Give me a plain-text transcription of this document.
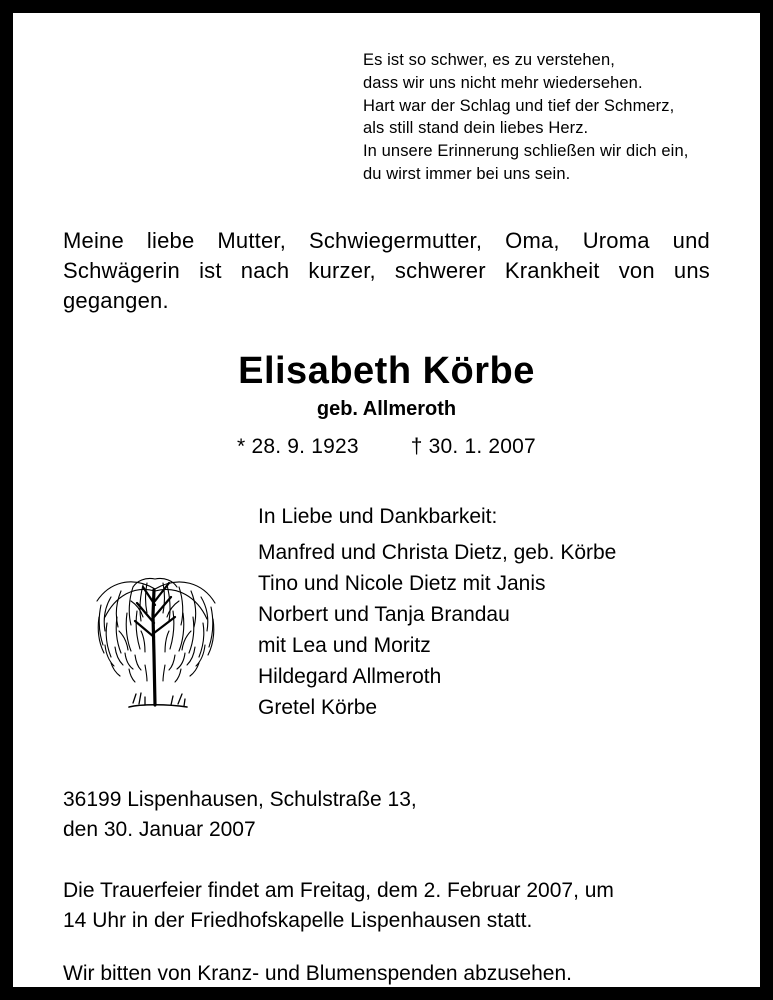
Es ist so schwer, es zu verstehen,
dass wir uns nicht mehr wiedersehen.
Hart war der Schlag und tief der Schmerz,
als still stand dein liebes Herz.
In unsere Erinnerung schließen wir dich ein,
du wirst immer bei uns sein.
Meine liebe Mutter, Schwiegermutter, Oma, Uroma und Schwägerin ist nach kurzer, schwerer Krankheit von uns gegangen.
Elisabeth Körbe
geb. Allmeroth
* 28. 9. 1923 † 30. 1. 2007
In Liebe und Dankbarkeit:
Manfred und Christa Dietz, geb. Körbe
Tino und Nicole Dietz mit Janis
Norbert und Tanja Brandau
mit Lea und Moritz
Hildegard Allmeroth
Gretel Körbe
36199 Lispenhausen, Schulstraße 13,
den 30. Januar 2007
Die Trauerfeier findet am Freitag, dem 2. Februar 2007, um
14 Uhr in der Friedhofskapelle Lispenhausen statt.
Wir bitten von Kranz- und Blumenspenden abzusehen.
